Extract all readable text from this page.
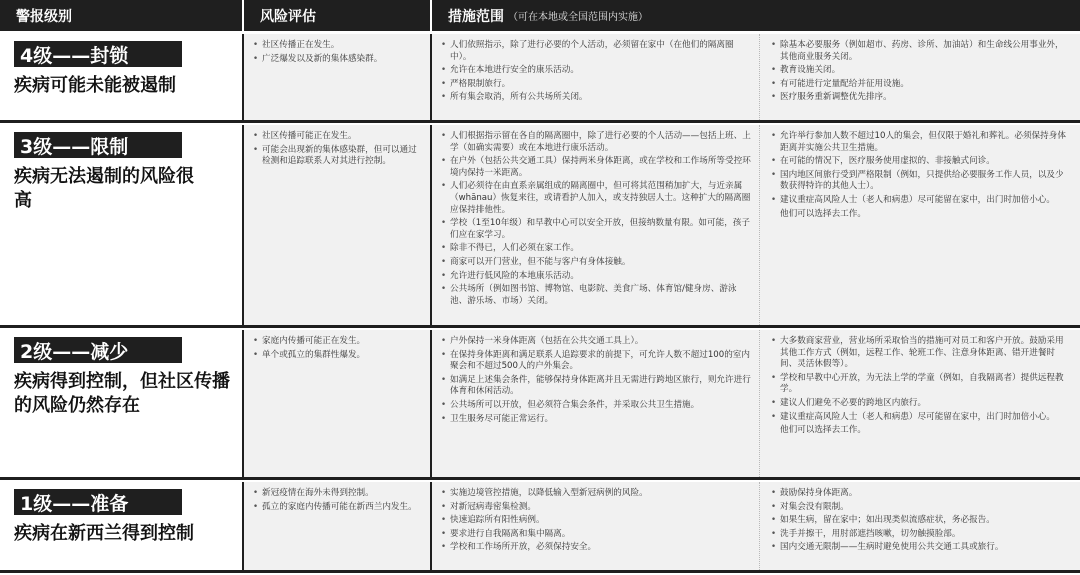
警报级别	风险评估	措施范围 （可在本地或全国范围内实施）
4级——封锁
疾病可能未能被遏制
• 社区传播正在发生。
• 广泛爆发以及新的集体感染群。
• 人们依照指示，除了进行必要的个人活动，必须留在家中（在他们的隔离圈中）。
• 允许在本地进行安全的康乐活动。
• 严格限制旅行。
• 所有集会取消，所有公共场所关闭。
• 除基本必要服务（例如超市、药房、诊所、加油站）和生命线公用事业外，其他商业服务关闭。
• 教育设施关闭。
• 有可能进行定量配给并征用设施。
• 医疗服务重新调整优先排序。
3级——限制
疾病无法遏制的风险很高
• 社区传播可能正在发生。
• 可能会出现新的集体感染群，但可以通过检测和追踪联系人对其进行控制。
• 人们根据指示留在各自的隔离圈中，除了进行必要的个人活动——包括上班、上学（如确实需要）或在本地进行康乐活动。
• 在户外（包括公共交通工具）保持两米身体距离，或在学校和工作场所等受控环境内保持一米距离。
• 人们必须待在由直系亲属组成的隔离圈中，但可将其范围稍加扩大，与近亲属（whānau）恢复来往，或请看护人加入，或支持独居人士。这种扩大的隔离圈应保持排他性。
• 学校（1至10年级）和早教中心可以安全开放，但接纳数量有限。如可能，孩子们应在家学习。
• 除非不得已，人们必须在家工作。
• 商家可以开门营业，但不能与客户有身体接触。
• 允许进行低风险的本地康乐活动。
• 公共场所（例如图书馆、博物馆、电影院、美食广场、体育馆/健身房、游泳池、游乐场、市场）关闭。
• 允许举行参加人数不超过10人的集会，但仅限于婚礼和葬礼。必须保持身体距离并实施公共卫生措施。
• 在可能的情况下，医疗服务使用虚拟的、非接触式问诊。
• 国内地区间旅行受到严格限制（例如，只提供给必要服务工作人员，以及少数获得特许的其他人士）。
• 建议重症高风险人士（老人和病患）尽可能留在家中，出门时加倍小心。
他们可以选择去工作。
2级——减少
疾病得到控制，但社区传播的风险仍然存在
• 家庭内传播可能正在发生。
• 单个或孤立的集群性爆发。
• 户外保持一米身体距离（包括在公共交通工具上）。
• 在保持身体距离和满足联系人追踪要求的前提下，可允许人数不超过100的室内聚会和不超过500人的户外集会。
• 如满足上述集会条件，能够保持身体距离并且无需进行跨地区旅行，则允许进行体育和休闲活动。
• 公共场所可以开放，但必须符合集会条件，并采取公共卫生措施。
• 卫生服务尽可能正常运行。
• 大多数商家营业，营业场所采取恰当的措施可对员工和客户开放。鼓励采用其他工作方式（例如，远程工作、轮班工作、注意身体距离、错开进餐时间、灵活休假等）。
• 学校和早教中心开放，为无法上学的学童（例如，自我隔离者）提供远程教学。
• 建议人们避免不必要的跨地区内旅行。
• 建议重症高风险人士（老人和病患）尽可能留在家中，出门时加倍小心。
他们可以选择去工作。
1级——准备
疾病在新西兰得到控制
• 新冠疫情在海外未得到控制。
• 孤立的家庭内传播可能在新西兰内发生。
• 实施边境管控措施，以降低输入型新冠病例的风险。
• 对新冠病毒密集检测。
• 快速追踪所有阳性病例。
• 要求进行自我隔离和集中隔离。
• 学校和工作场所开放，必须保持安全。
• 鼓励保持身体距离。
• 对集会没有限制。
• 如果生病，留在家中；如出现类似流感症状，务必报告。
• 洗手并擦干，用肘部遮挡咳嗽，切勿触摸脸部。
• 国内交通无限制——生病时避免使用公共交通工具或旅行。
